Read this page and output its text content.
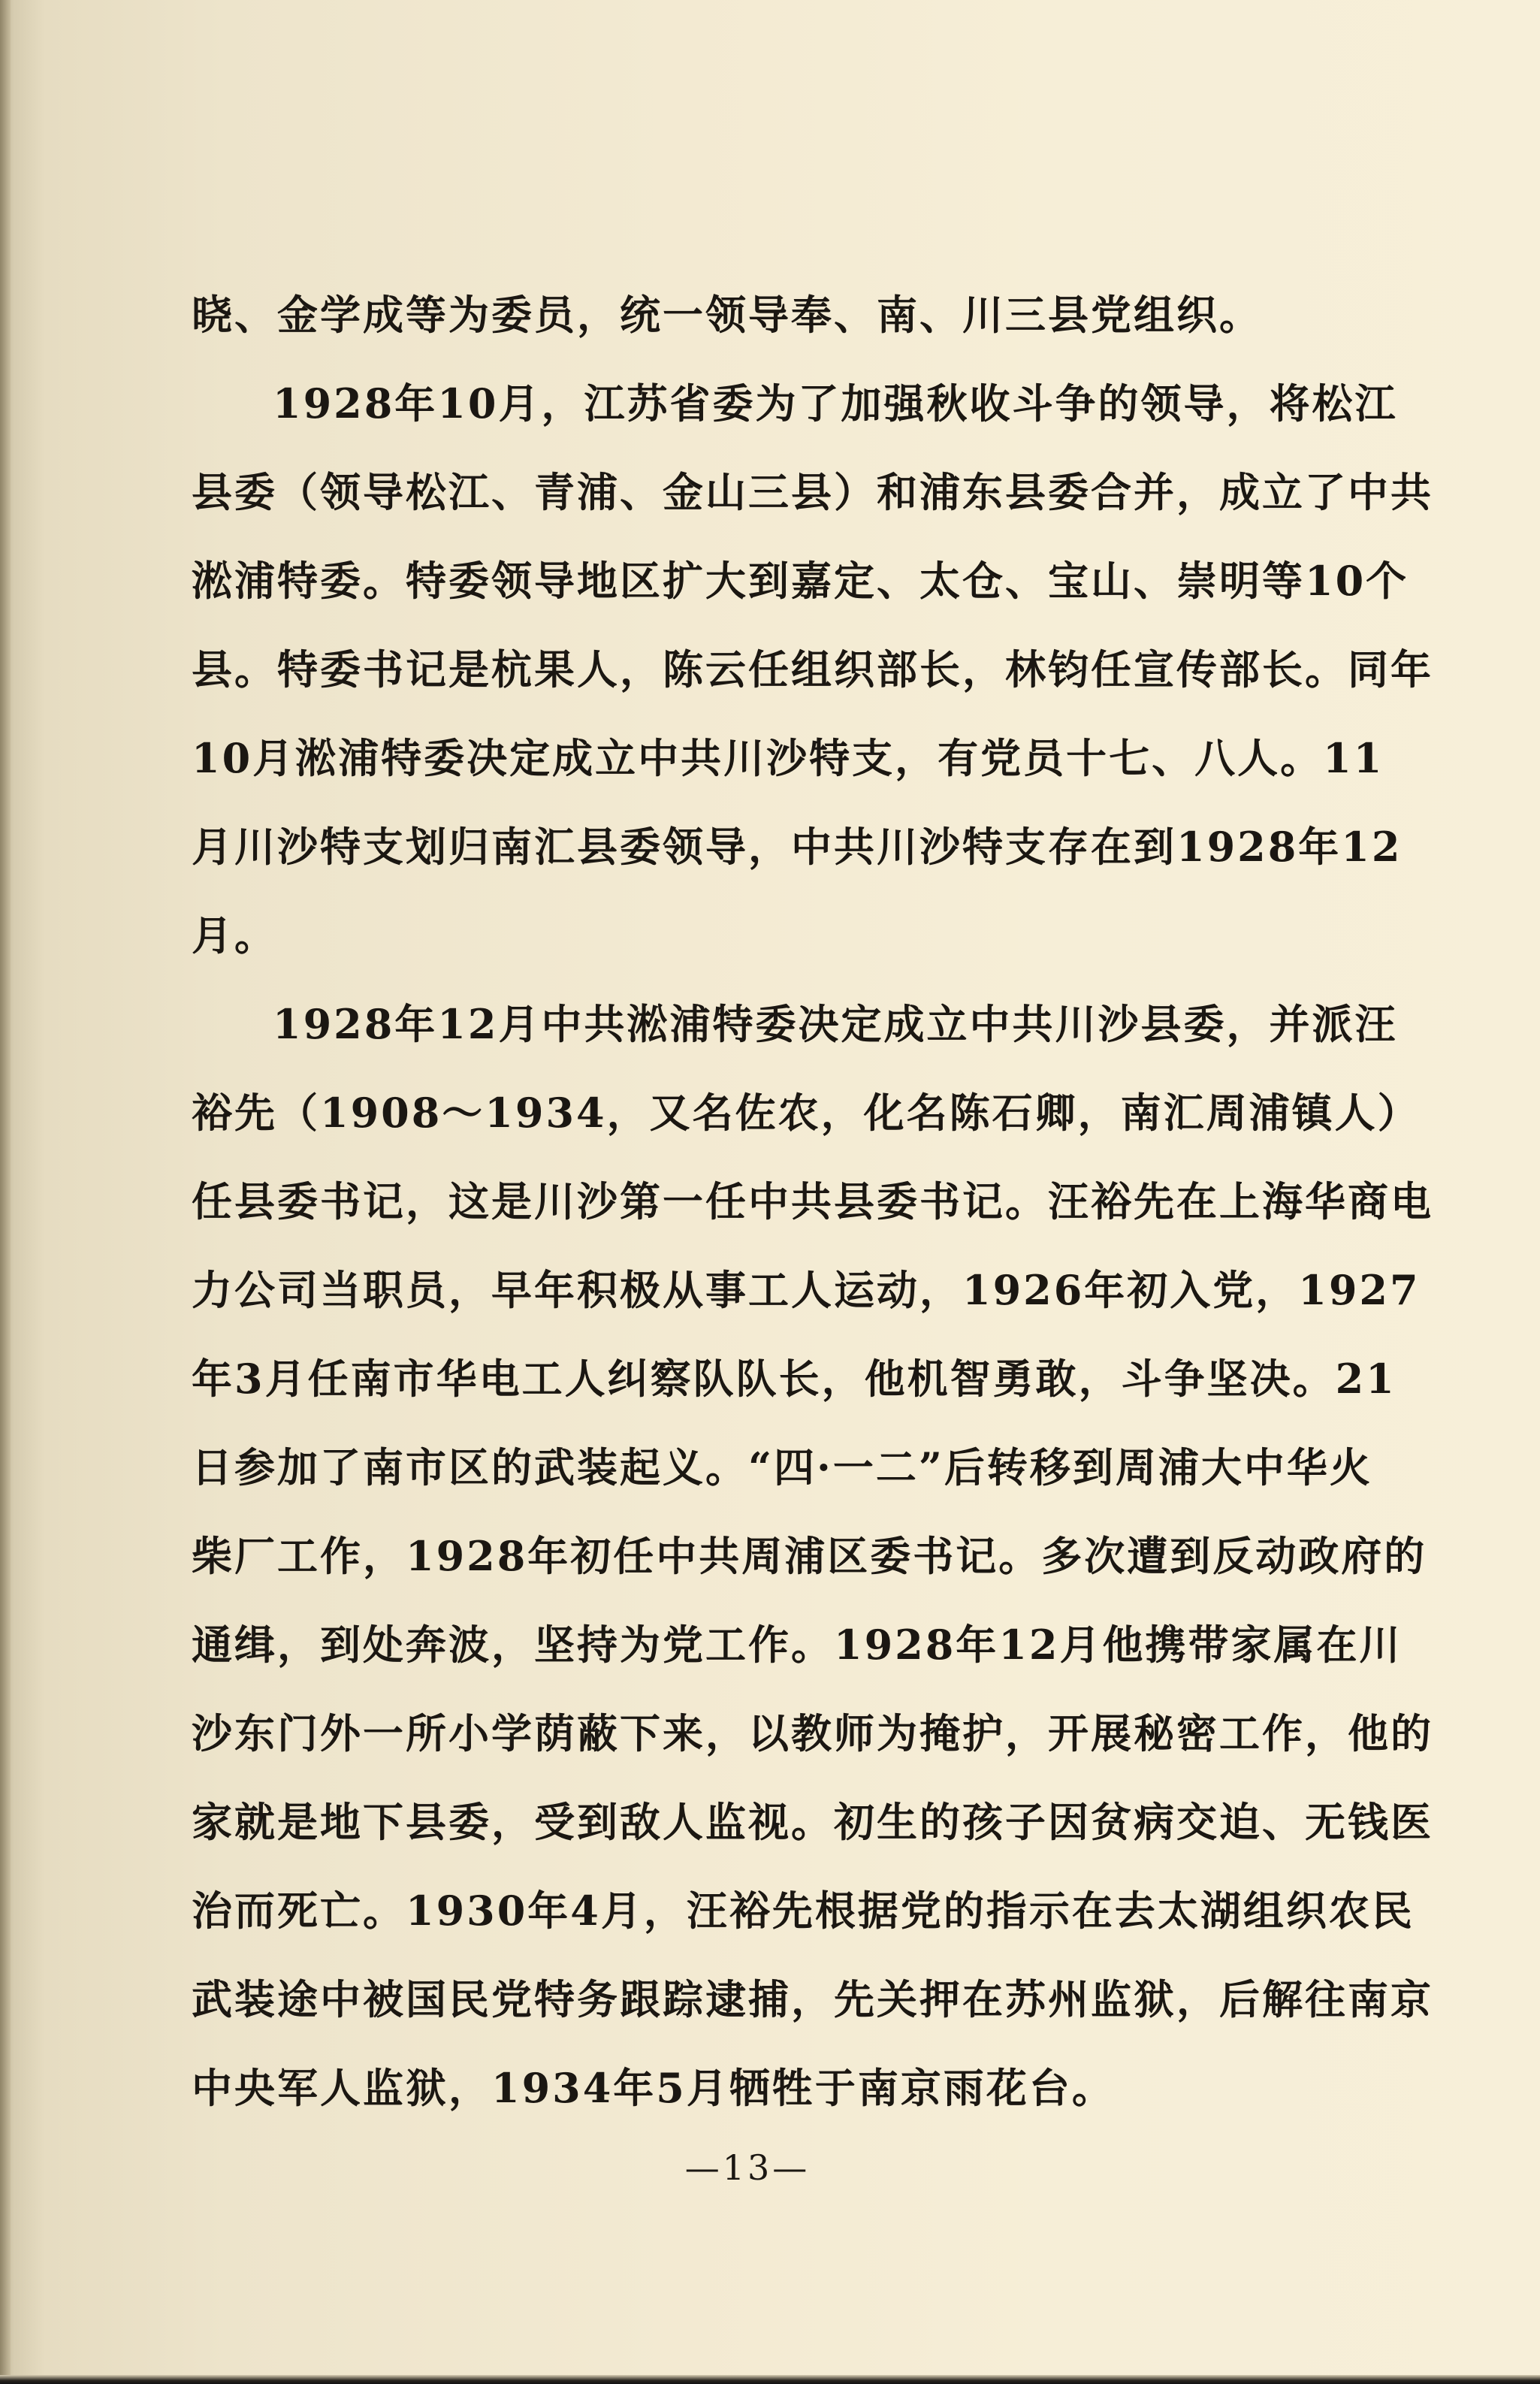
晓、金学成等为委员，统一领导奉、南、川三县党组织。
1928年10月，江苏省委为了加强秋收斗争的领导，将松江
县委（领导松江、青浦、金山三县）和浦东县委合并，成立了中共
淞浦特委。特委领导地区扩大到嘉定、太仓、宝山、崇明等10个
县。特委书记是杭果人，陈云任组织部长，林钧任宣传部长。同年
10月淞浦特委决定成立中共川沙特支，有党员十七、八人。11
月川沙特支划归南汇县委领导，中共川沙特支存在到1928年12
月。
1928年12月中共淞浦特委决定成立中共川沙县委，并派汪
裕先（1908～1934，又名佐农，化名陈石卿，南汇周浦镇人）
任县委书记，这是川沙第一任中共县委书记。汪裕先在上海华商电
力公司当职员，早年积极从事工人运动，1926年初入党，1927
年3月任南市华电工人纠察队队长，他机智勇敢，斗争坚决。21
日参加了南市区的武装起义。“四·一二”后转移到周浦大中华火
柴厂工作，1928年初任中共周浦区委书记。多次遭到反动政府的
通缉，到处奔波，坚持为党工作。1928年12月他携带家属在川
沙东门外一所小学荫蔽下来，以教师为掩护，开展秘密工作，他的
家就是地下县委，受到敌人监视。初生的孩子因贫病交迫、无钱医
治而死亡。1930年4月，汪裕先根据党的指示在去太湖组织农民
武装途中被国民党特务跟踪逮捕，先关押在苏州监狱，后解往南京
中央军人监狱，1934年5月牺牲于南京雨花台。
—13—
